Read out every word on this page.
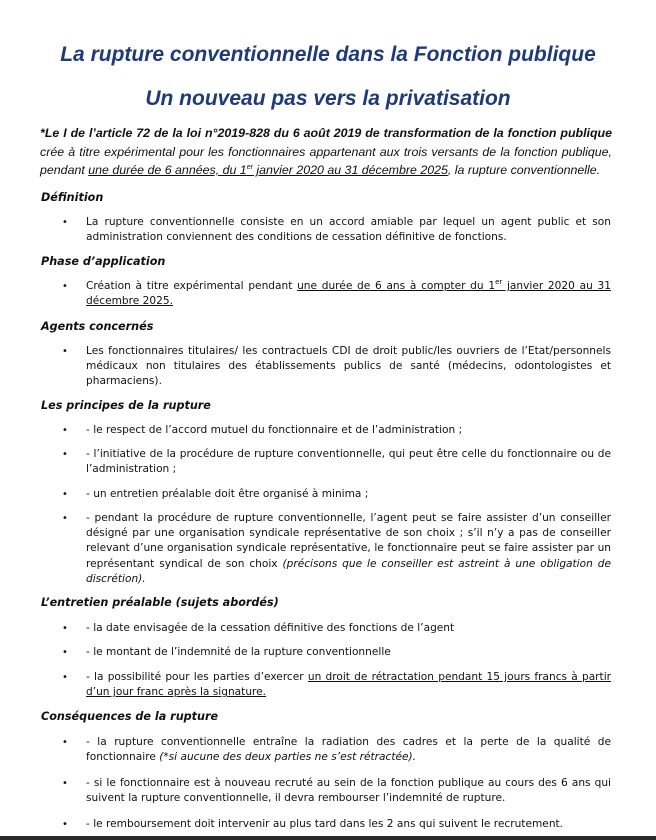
La rupture conventionnelle dans la Fonction publique
Un nouveau pas vers la privatisation
*Le I de l’article 72 de la loi n°2019-828 du 6 août 2019 de transformation de la fonction publique crée à titre expérimental pour les fonctionnaires appartenant aux trois versants de la fonction publique, pendant une durée de 6 années, du 1er janvier 2020 au 31 décembre 2025, la rupture conventionnelle.
Définition
• La rupture conventionnelle consiste en un accord amiable par lequel un agent public et son administration conviennent des conditions de cessation définitive de fonctions.
Phase d’application
• Création à titre expérimental pendant une durée de 6 ans à compter du 1er janvier 2020 au 31 décembre 2025.
Agents concernés
• Les fonctionnaires titulaires/ les contractuels CDI de droit public/les ouvriers de l’Etat/personnels médicaux non titulaires des établissements publics de santé (médecins, odontologistes et pharmaciens).
Les principes de la rupture
• - le respect de l’accord mutuel du fonctionnaire et de l’administration ;
• - l’initiative de la procédure de rupture conventionnelle, qui peut être celle du fonctionnaire ou de l’administration ;
• - un entretien préalable doit être organisé à minima ;
• - pendant la procédure de rupture conventionnelle, l’agent peut se faire assister d’un conseiller désigné par une organisation syndicale représentative de son choix ; s’il n’y a pas de conseiller relevant d’une organisation syndicale représentative, le fonctionnaire peut se faire assister par un représentant syndical de son choix (précisons que le conseiller est astreint à une obligation de discrétion).
L’entretien préalable (sujets abordés)
• - la date envisagée de la cessation définitive des fonctions de l’agent
• - le montant de l’indemnité de la rupture conventionnelle
• - la possibilité pour les parties d’exercer un droit de rétractation pendant 15 jours francs à partir d’un jour franc après la signature.
Conséquences de la rupture
• - la rupture conventionnelle entraîne la radiation des cadres et la perte de la qualité de fonctionnaire (*si aucune des deux parties ne s’est rétractée).
• - si le fonctionnaire est à nouveau recruté au sein de la fonction publique au cours des 6 ans qui suivent la rupture conventionnelle, il devra rembourser l’indemnité de rupture.
• - le remboursement doit intervenir au plus tard dans les 2 ans qui suivent le recrutement.
